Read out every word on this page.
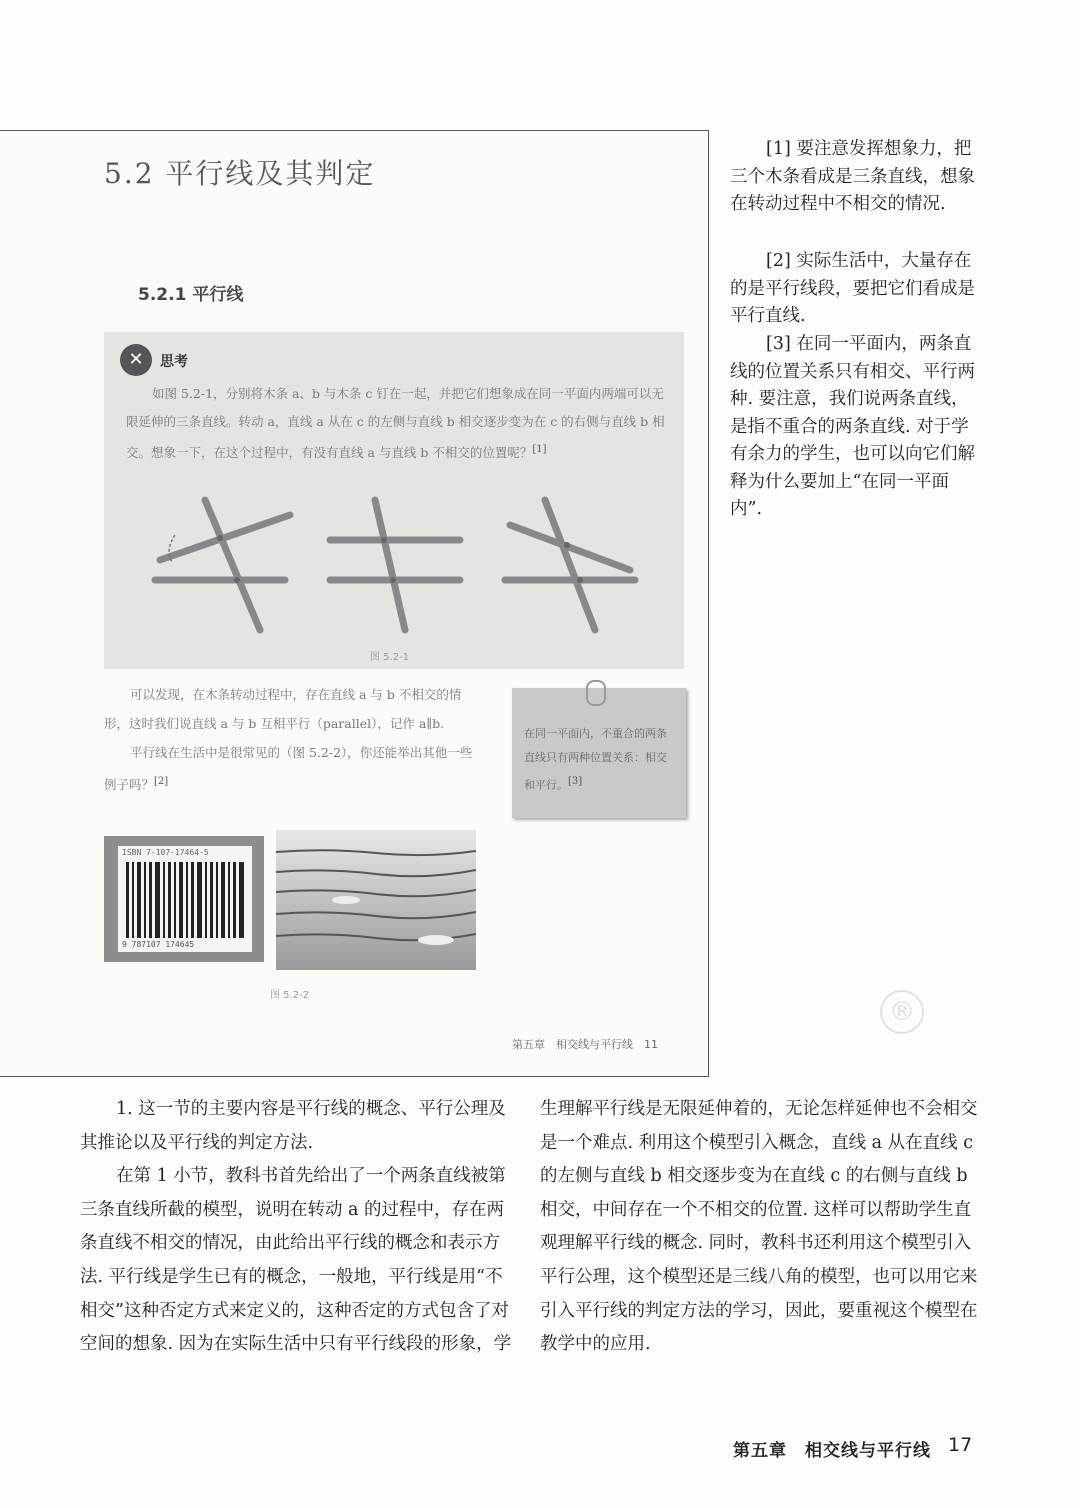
5.2 平行线及其判定
5.2.1 平行线
✕	思考
如图 5.2-1，分别将木条 a、b 与木条 c 钉在一起，并把它们想象成在同一平面内两端可以无限延伸的三条直线。转动 a，直线 a 从在 c 的左侧与直线 b 相交逐步变为在 c 的右侧与直线 b 相交。想象一下，在这个过程中，有没有直线 a 与直线 b 不相交的位置呢？[1]
图 5.2-1
可以发现，在木条转动过程中，存在直线 a 与 b 不相交的情形，这时我们说直线 a 与 b 互相平行（parallel），记作 a∥b.
平行线在生活中是很常见的（图 5.2-2），你还能举出其他一些例子吗？[2]
在同一平面内，不重合的两条直线只有两种位置关系：相交和平行。[3]
ISBN 7-107-17464-5
9 787107 174645
图 5.2-2
第五章　相交线与平行线　11
®
[1] 要注意发挥想象力，把三个木条看成是三条直线，想象在转动过程中不相交的情况.
[2] 实际生活中，大量存在的是平行线段，要把它们看成是平行直线.
[3] 在同一平面内，两条直线的位置关系只有相交、平行两种. 要注意，我们说两条直线，是指不重合的两条直线. 对于学有余力的学生，也可以向它们解释为什么要加上“在同一平面内”.

1. 这一节的主要内容是平行线的概念、平行公理及其推论以及平行线的判定方法.

在第 1 小节，教科书首先给出了一个两条直线被第三条直线所截的模型，说明在转动 a 的过程中，存在两条直线不相交的情况，由此给出平行线的概念和表示方法. 平行线是学生已有的概念，一般地，平行线是用“不相交”这种否定方式来定义的，这种否定的方式包含了对空间的想象. 因为在实际生活中只有平行线段的形象，学

生理解平行线是无限延伸着的，无论怎样延伸也不会相交是一个难点. 利用这个模型引入概念，直线 a 从在直线 c 的左侧与直线 b 相交逐步变为在直线 c 的右侧与直线 b 相交，中间存在一个不相交的位置. 这样可以帮助学生直观理解平行线的概念. 同时，教科书还利用这个模型引入平行公理，这个模型还是三线八角的模型，也可以用它来引入平行线的判定方法的学习，因此，要重视这个模型在教学中的应用.

第五章　相交线与平行线 17
